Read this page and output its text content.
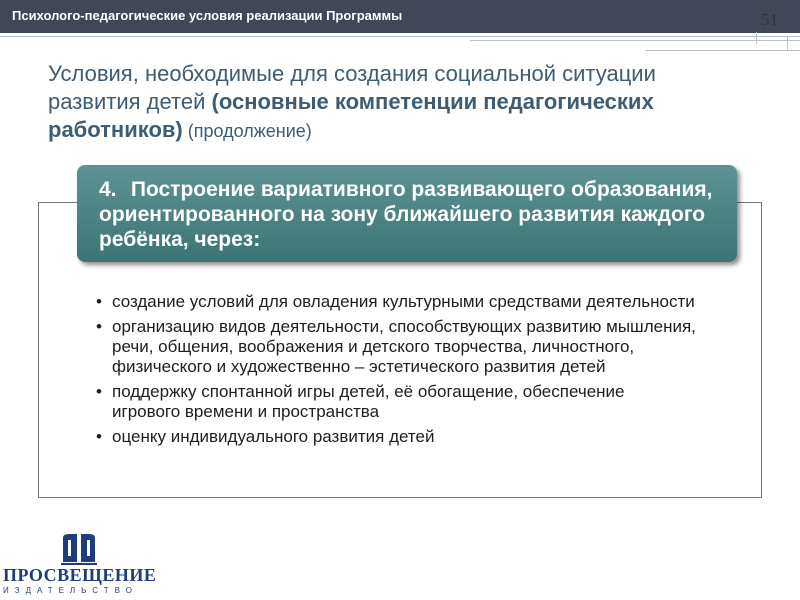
Психолого-педагогические условия реализации Программы	51
Условия, необходимые для создания социальной ситуации развития детей (основные компетенции педагогических работников) (продолжение)
4. Построение вариативного развивающего образования, ориентированного на зону ближайшего развития каждого ребёнка, через:
• создание условий для овладения культурными средствами деятельности
• организацию видов деятельности, способствующих развитию мышления, речи, общения, воображения и детского творчества, личностного, физического и художественно – эстетического развития детей
• поддержку спонтанной игры детей, её обогащение, обеспечение игрового времени и пространства
• оценку индивидуального развития детей
ПРОСВЕЩЕНИЕ
ИЗДАТЕЛЬСТВО
